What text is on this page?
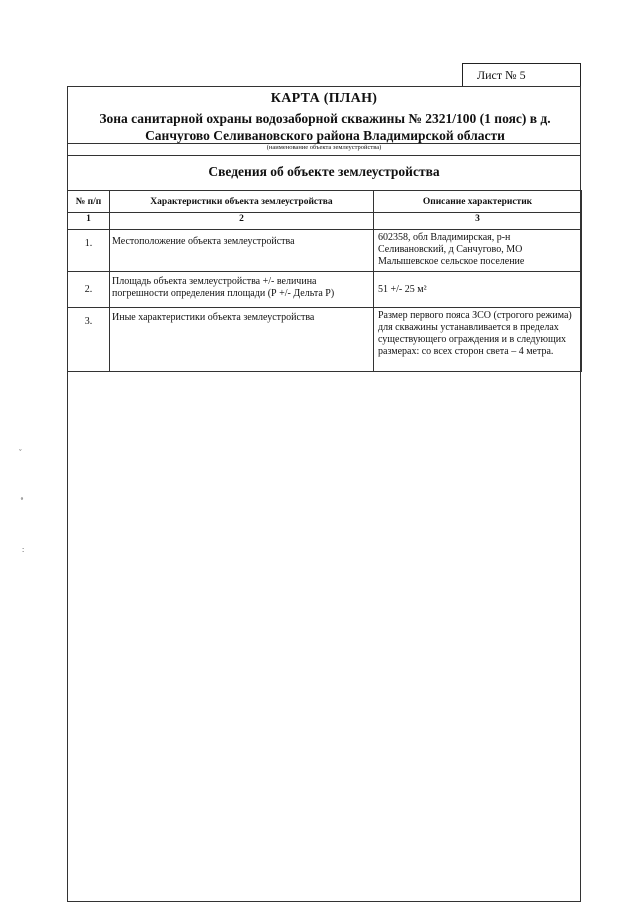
Лист № 5
КАРТА (ПЛАН)
Зона санитарной охраны водозаборной скважины № 2321/100 (1 пояс) в д.
Санчугово Селивановского района Владимирской области
(наименование объекта землеустройства)
Сведения об объекте землеустройства
№ п/п	Характеристики объекта землеустройства	Описание характеристик
1	2	3
1.	Местоположение объекта землеустройства	602358, обл Владимирская, р-н Селивановский, д Санчугово, МО Малышевское сельское поселение
2.	Площадь объекта землеустройства +/- величина погрешности определения площади (Р +/- Дельта Р)	51 +/- 25 м²
3.	Иные характеристики объекта землеустройства	Размер первого пояса ЗСО (строгого режима) для скважины устанавливается в пределах существующего ограждения и в следующих размерах: со всех сторон света – 4 метра.
ˇ
∘
:
